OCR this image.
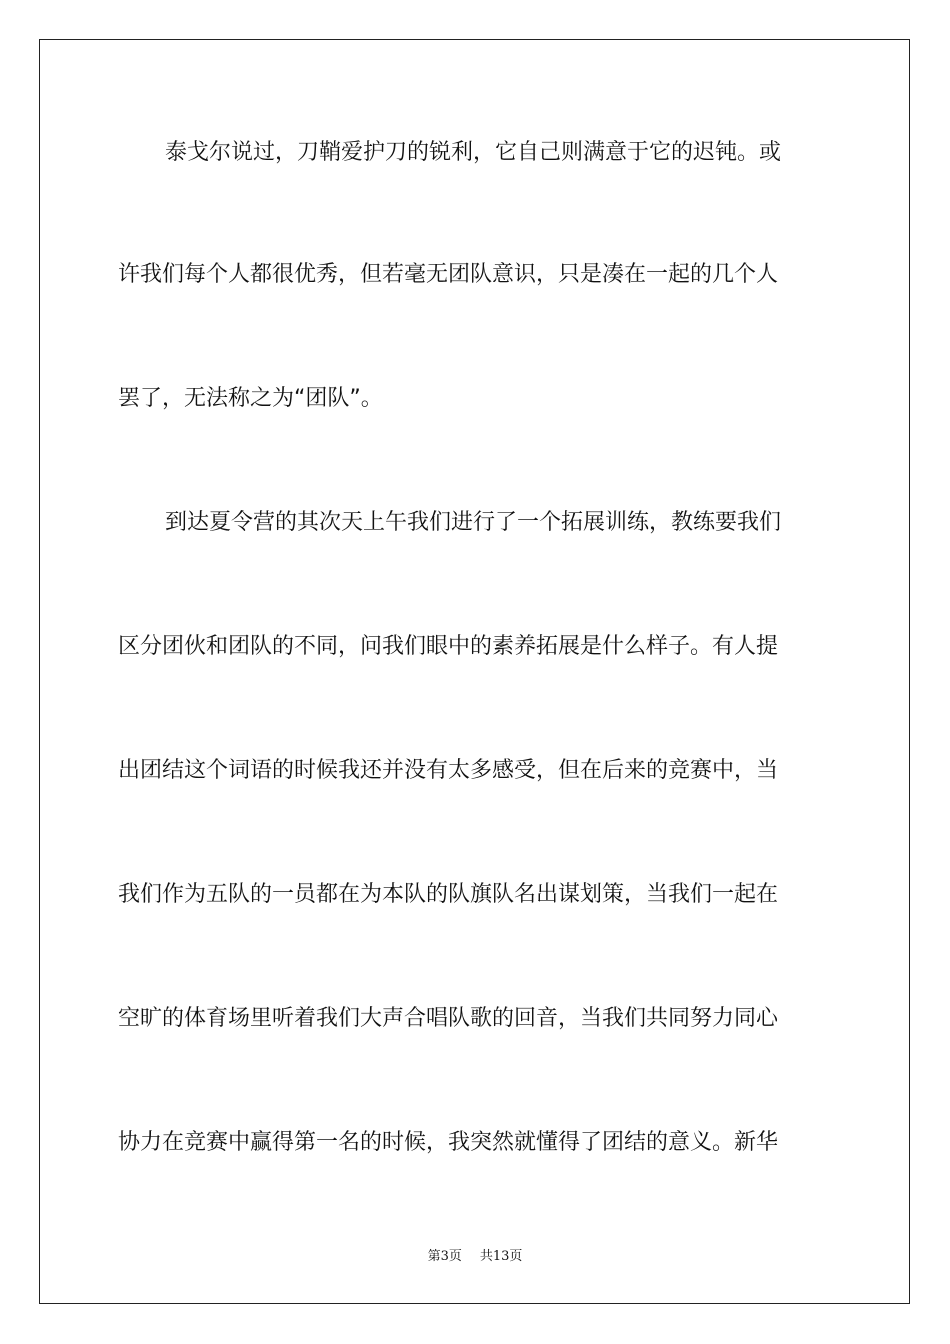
泰戈尔说过，刀鞘爱护刀的锐利，它自己则满意于它的迟钝。或
许我们每个人都很优秀，但若毫无团队意识，只是凑在一起的几个人
罢了，无法称之为“团队”。
到达夏令营的其次天上午我们进行了一个拓展训练，教练要我们
区分团伙和团队的不同，问我们眼中的素养拓展是什么样子。有人提
出团结这个词语的时候我还并没有太多感受，但在后来的竞赛中，当
我们作为五队的一员都在为本队的队旗队名出谋划策，当我们一起在
空旷的体育场里听着我们大声合唱队歌的回音，当我们共同努力同心
协力在竞赛中赢得第一名的时候，我突然就懂得了团结的意义。新华
第3页 共13页
